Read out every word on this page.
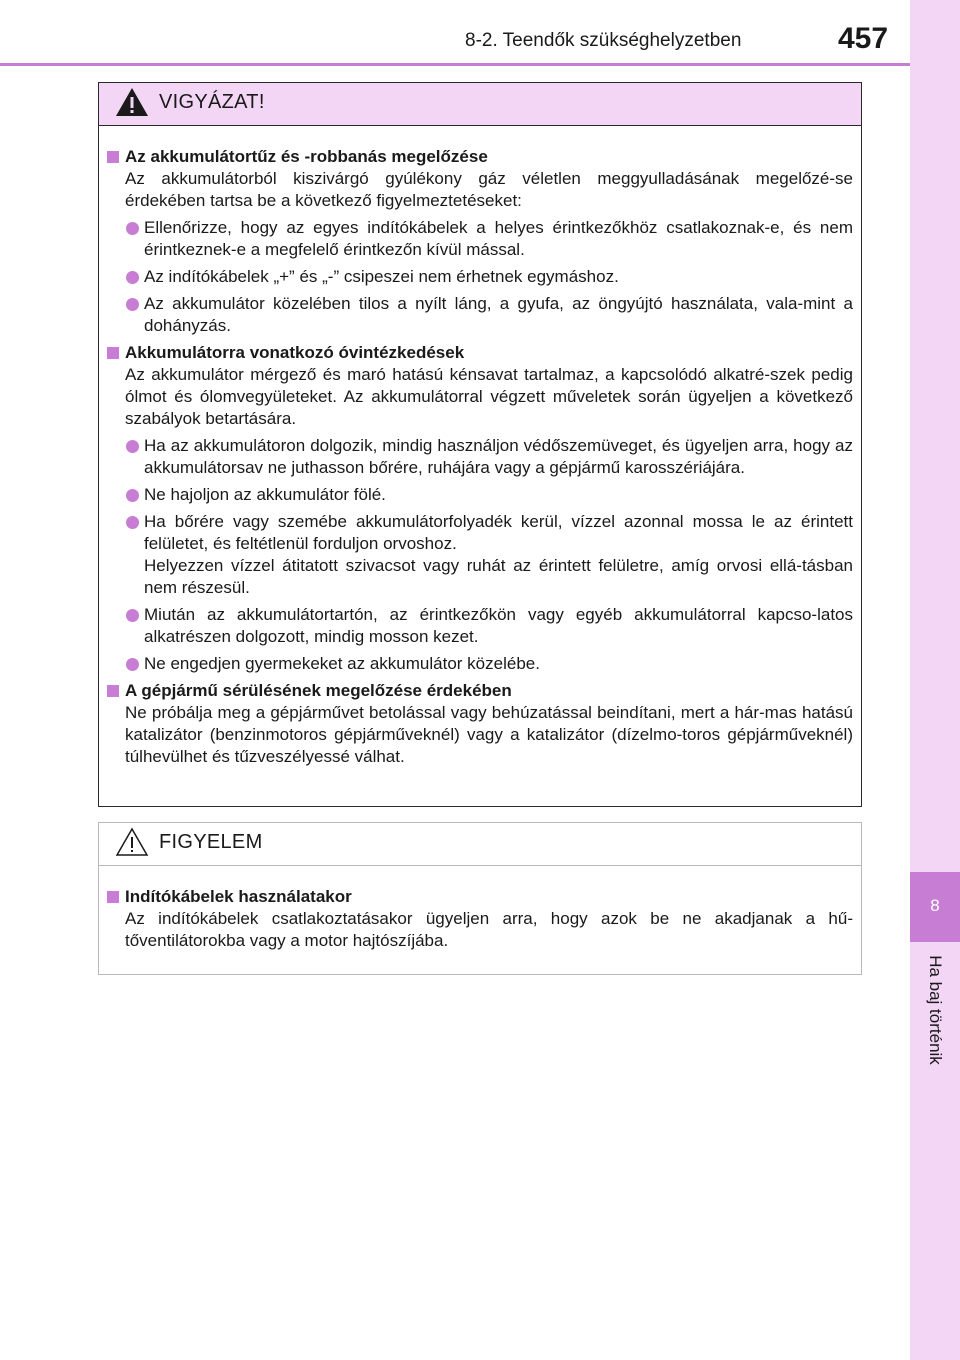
8-2. Teendők szükséghelyzetben	457
8
Ha baj történik
VIGYÁZAT!
Az akkumulátortűz és -robbanás megelőzése
Az akkumulátorból kiszivárgó gyúlékony gáz véletlen meggyulladásának megelőzé-se érdekében tartsa be a következő figyelmeztetéseket:
Ellenőrizze, hogy az egyes indítókábelek a helyes érintkezőkhöz csatlakoznak-e, és nem érintkeznek-e a megfelelő érintkezőn kívül mással.
Az indítókábelek „+” és „-” csipeszei nem érhetnek egymáshoz.
Az akkumulátor közelében tilos a nyílt láng, a gyufa, az öngyújtó használata, vala-mint a dohányzás.
Akkumulátorra vonatkozó óvintézkedések
Az akkumulátor mérgező és maró hatású kénsavat tartalmaz, a kapcsolódó alkatré-szek pedig ólmot és ólomvegyületeket. Az akkumulátorral végzett műveletek során ügyeljen a következő szabályok betartására.
Ha az akkumulátoron dolgozik, mindig használjon védőszemüveget, és ügyeljen arra, hogy az akkumulátorsav ne juthasson bőrére, ruhájára vagy a gépjármű karosszériájára.
Ne hajoljon az akkumulátor fölé.
Ha bőrére vagy szemébe akkumulátorfolyadék kerül, vízzel azonnal mossa le az érintett felületet, és feltétlenül forduljon orvoshoz.
Helyezzen vízzel átitatott szivacsot vagy ruhát az érintett felületre, amíg orvosi ellá-tásban nem részesül.
Miután az akkumulátortartón, az érintkezőkön vagy egyéb akkumulátorral kapcso-latos alkatrészen dolgozott, mindig mosson kezet.
Ne engedjen gyermekeket az akkumulátor közelébe.
A gépjármű sérülésének megelőzése érdekében
Ne próbálja meg a gépjárművet betolással vagy behúzatással beindítani, mert a hár-mas hatású katalizátor (benzinmotoros gépjárműveknél) vagy a katalizátor (dízelmo-toros gépjárműveknél) túlhevülhet és tűzveszélyessé válhat.
FIGYELEM
Indítókábelek használatakor
Az indítókábelek csatlakoztatásakor ügyeljen arra, hogy azok be ne akadjanak a hű-tőventilátorokba vagy a motor hajtószíjába.
